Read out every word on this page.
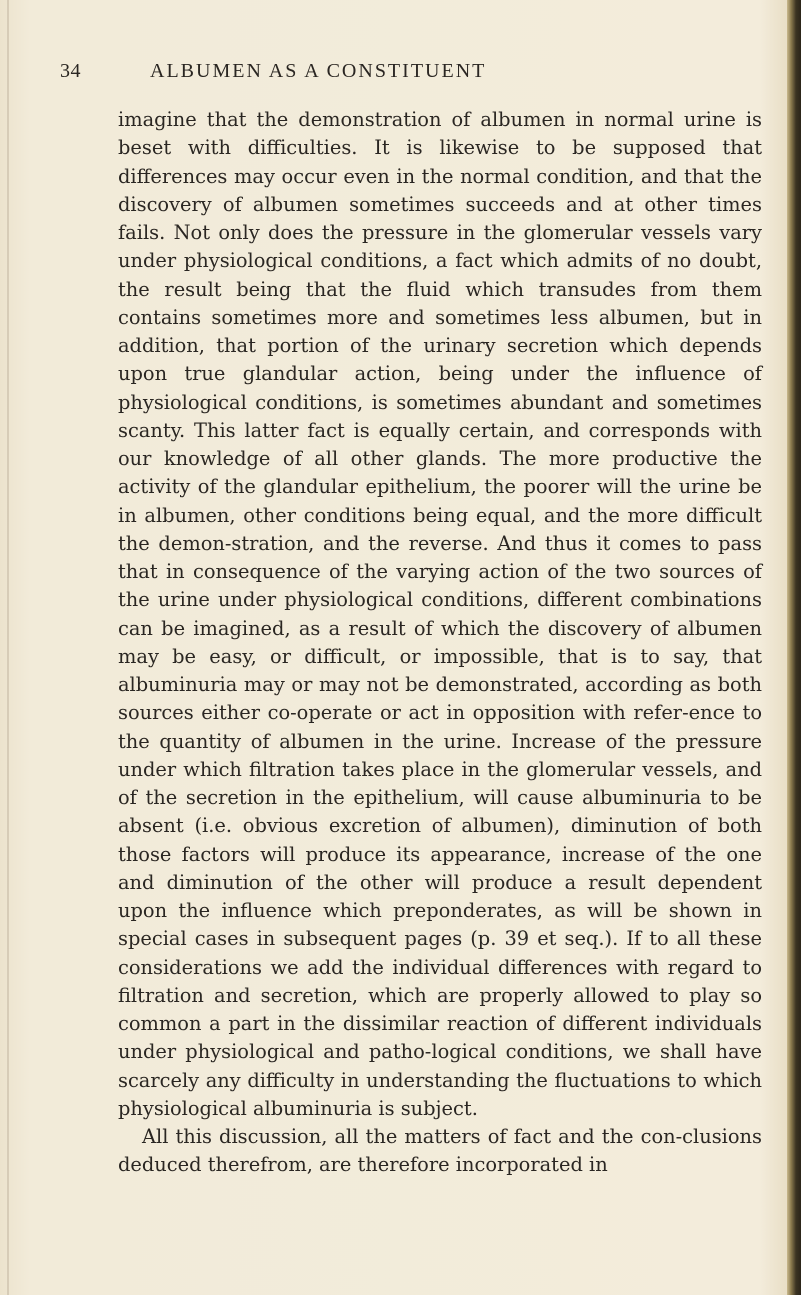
34	ALBUMEN AS A CONSTITUENT

imagine that the demonstration of albumen in normal urine is beset with difficulties. It is likewise to be supposed that differences may occur even in the normal condition, and that the discovery of albumen sometimes succeeds and at other times fails. Not only does the pressure in the glomerular vessels vary under physiological conditions, a fact which admits of no doubt, the result being that the fluid which transudes from them contains sometimes more and sometimes less albumen, but in addition, that portion of the urinary secretion which depends upon true glandular action, being under the influence of physiological conditions, is sometimes abundant and sometimes scanty. This latter fact is equally certain, and corresponds with our knowledge of all other glands. The more productive the activity of the glandular epithelium, the poorer will the urine be in albumen, other conditions being equal, and the more difficult the demon-stration, and the reverse. And thus it comes to pass that in consequence of the varying action of the two sources of the urine under physiological conditions, different combinations can be imagined, as a result of which the discovery of albumen may be easy, or difficult, or impossible, that is to say, that albuminuria may or may not be demonstrated, according as both sources either co-operate or act in opposition with refer-ence to the quantity of albumen in the urine. Increase of the pressure under which filtration takes place in the glomerular vessels, and of the secretion in the epithelium, will cause albuminuria to be absent (i.e. obvious excretion of albumen), diminution of both those factors will produce its appearance, increase of the one and diminution of the other will produce a result dependent upon the influence which preponderates, as will be shown in special cases in subsequent pages (p. 39 et seq.). If to all these considerations we add the individual differences with regard to filtration and secretion, which are properly allowed to play so common a part in the dissimilar reaction of different individuals under physiological and patho-logical conditions, we shall have scarcely any difficulty in understanding the fluctuations to which physiological albuminuria is subject.

All this discussion, all the matters of fact and the con-clusions deduced therefrom, are therefore incorporated in
